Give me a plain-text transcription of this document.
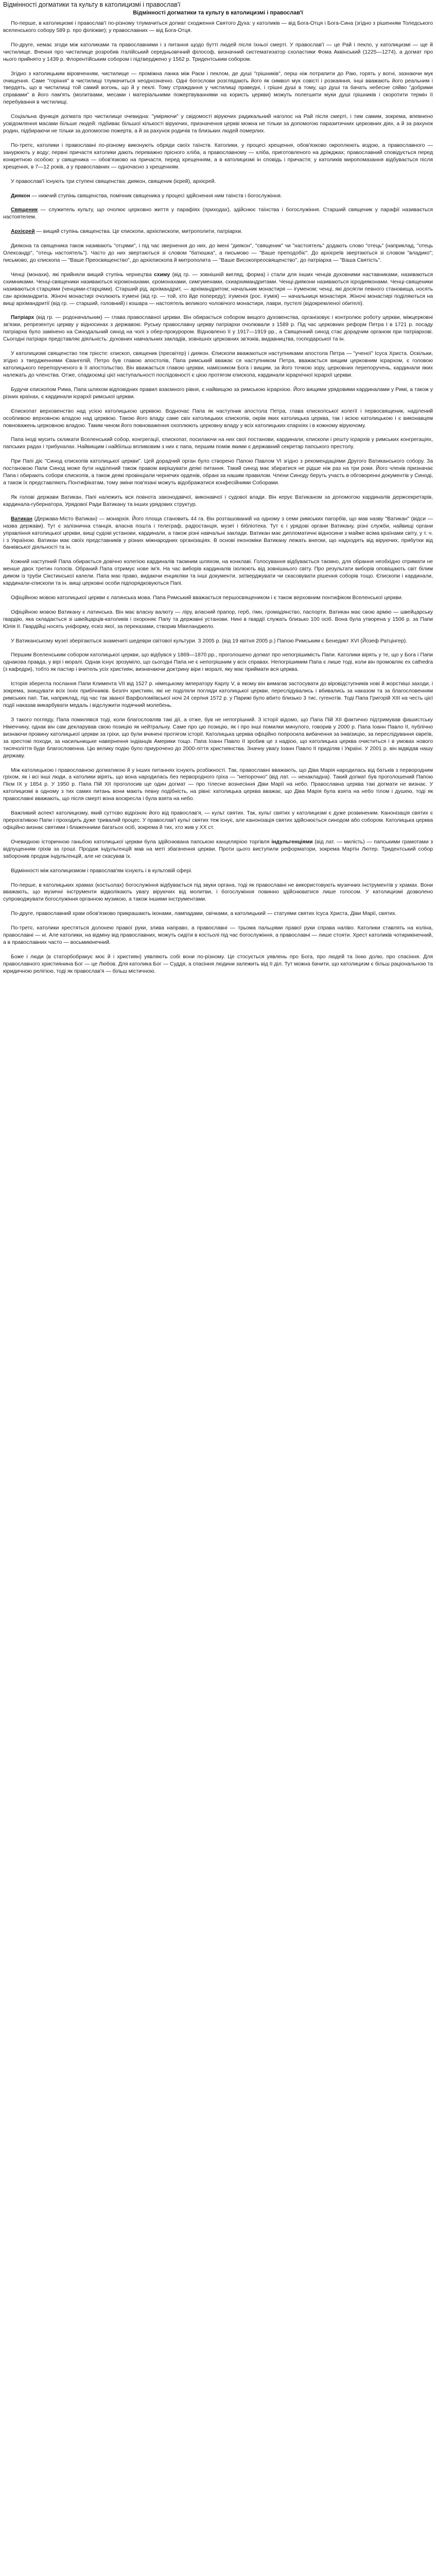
Відмінності догматики та культу в католицизмі і православ'ї
Відмінності догматики та культу в католицизмі і православ'ї

По-перше, в католицизмі і православ'ї по-різному тлумачиться догмат сходження Святого Духа: у католиків — від Бога-Отця і Бога-Сина (згідно з рішенням Толедського вселенського собору 589 р. про філіокве); у православних — від Бога-Отця.

По-друге, немає згоди між католиками та православними і з питання щодо бутті людей після їхньої смерті. У православ'ї — це Рай і пекло, у католицизмі — ще й чистилище. Вчення про чистилище розробив італійський середньовічний філософ, визначний систематизатор схоластики Фома Аквінський (1225—1274), а догмат про нього прийнято у 1439 р. Флорентійським собором і підтверджено у 1562 р. Тридентським собором.

Згідно з католицьким віровченням, чистилище — проміжна ланка між Раєм і пеклом, де душі "грішників", перш ніж потрапити до Раю, горять у вогні, зазнаючи мук очищення. Саме "горіння" в чистилищі тлумачиться неоднозначно. Одні богослови розглядають його як символ мук совісті і розкаяння, інші вважають його реальним і твердять, що в чистилищі той самий вогонь, що й у пеклі. Тому страждання у чистилищі праведні, і грішні душі в тому, що душі та бачать небесне сяйво "добрими справами" в його пам'ять (молитвами, месами і матеріальними пожертвуваннями на користь церкви) можуть полегшити муки душі грішників і скоротити термін її перебування в чистилищі.

Соціальна функція догмата про чистилище очевидна: "уміряючи" у свідомості віруючих радикальний наголос на Рай після смерті, і тим самим, зокрема, впевнено усвідомлення масами більше людей: підбиває більшої кількості віруючих, призначення церкві можна не тільки за допомогою паразитичних церковних діях, а й за рахунок родин, підбираючи не тільки за допомогою пожертв, а й за рахунок родичів та близьких людей померлих.

По-третє, католики і православні по-різному виконують обряди своїх таїнств. Католики, у процесі хрещення, обов'язково окроплюють водою, а православного — занурюють у воду; первні причастя католики дають переважно прісного хліба, а православному — хліба, приготовленого на дріжджах; православний сповідується перед конкретною особою: у священика — обов'язково на причастя, перед хрещенням, а в католицизмі ін сповідь і причастя; у католиків миропомазання відбувається після хрещення, в 7—12 років, а у православних — одночасно з хрещенням.

У православ'ї існують три ступені священства: диякон, священик (ієрей), архієрей.

Диякон — нижчий ступінь священства, помічник священика у процесі здійснення ним таїнств і богослужіння.

Священик — служитель культу, що очолює церковно життя у парафіях (приходах), здійснює таїнства і богослужіння. Старший священик у парафії називається настоятелем.

Архієрей — вищий ступінь священства. Це єпископи, архієпископи, митрополити, патріархи.

Диякона та священика також називають "отцями", і під час звернення до них, до імені "диякон", "священик" чи "настоятель" додають слово "отець" (наприклад, "отець Олександр", "отець настоятель"). Часто до них звертаються зі словом "батюшка", а письмово — "Ваше преподобіє". До архієреїв звертаються зі словом "владико"; письмово, до єпископа — "Ваше Преосвященство", до архієпископа й митрополита — "Ваше Високопреосвященство", до патріарха — "Ваша Святість".

Ченці (монахи), які прийняли вищий ступінь чернецтва схиму (від гр. — зовнішній вигляд, форма) і стали для інших ченців духовними наставниками, називаються схимниками. Ченці-священики називаються ієромонахами, єромонахами, симгуменами, схиархимандритами. Ченці-диякони називаються ієродияконами. Ченці-священики називаються старцями (ченцями-старцями). Старший рід, архімандрит, — архімандритом; начальник монастиря — ігуменом; ченці, які досягли певного становища, носять сан архімандрита. Жіночі монастирі очолюють ігумені (від гр. — той, хто йде попереду); ігуменія (рос. ігумія) — начальниця монастиря. Жіночі монастирі поділяються на вищі архімандритії (від гр. — старший, головний) і кошара — настоятель великого чоловічого монастиря, лаври, пустелі (відокремленої обителі).

Патріарх (від гр. — родоначальник) — глава православної церкви. Він обирається собором вищого духовенства, організовує і контролює роботу церкви, міжцерковні зв'язки, репрезентує церкву у відносинах з державою. Руську православну церкву патріархи очолювали з 1589 р. Під час церковних реформ Петра І в 1721 р. посаду патріарха було замінено на Синодальний синод на чолі з обер-прокурором. Відновлено її у 1917—1919 рр., а Священний синод стає дорадчим органом при патріархові. Сьогодні патріарх представляє діяльність: духовних навчальних закладів, зовнішніх церковних зв'язків, видавництва, господарської та ін.

У католицизмі священство теж трієсте: єпископ, священик (пресвітер) і диякон. Єпископи вважаються наступниками апостола Петра — "ученої" Ісуса Христа. Оскільки, згідно з твердженнями Євангелій, Петро був главою апостолів, Папа римський вважає ся наступником Петра, вважається вищим церковним ієрархом, є головою католицького перепорученого в її апостольство. Він вважається главою церкви, намісником Бога і вищим, за його точкою зору, церковних перепоручень, кардинали яких належать до членства. Отже, спадкоємці цієї наступальності послідовності є цією протягом єпископа, кардинали ієрархічної ієрархії церкви.

Будучи єпископом Рима, Папа шляхом відповідних правил взаємного рівня, є найвищою за римською ієрархією. Його вищими урядовими кардиналами у Римі, а також у різних країнах, є кардинали ієрархії римської церкви.

Єпископат верховенство над усією католицькою церквою. Водночас Папа як наступник апостола Петра, глава єпископської колегії і первосвященик, наділений особливою верховною владою над церквою. Такою його владу саме свіх католицьких єпископів, окрім яких католицька церква, так і всією католицькою і є виконавцем повноважень церковною владою. Таким чином його повноваження охоплюють церковну владу у всіх католицьких єпархіях і в кожному віруючому.

Папа іноді мусить скликати Вселенський собор, конгрегації, єпископат, посилаючи на них свої постанови, кардинали, єпископи і решту ієрархів у римських конгрегаціях, папських радах і трибуналах. Найвищим і найбільш впливовим з них є папа, першим поміж якими є державний секретар папського престолу.

При Папі діє "Синод єпископів католицької церкви". Цей дорадчий орган було створено Папою Павлом VI згідно з рекомендаціями Другого Ватиканського собору. За постановою Папи Синод може бути наділений також правом вирішувати деякі питання. Такий синод має збиратися не рідше ніж раз на три роки. Його членів призначає Папа і обирають собори єпископів, а також деякі провінціали чернечих орденів, обрані за нашим правилом. Члени Синоду беруть участь в обговоренні документів у Синоді, а також їх представляють Понтифікатам, тому зміни пов'язані можуть відображатися конфесійними Соборами.

Як голові держави Ватикан, Папі належить вся повнота законодавчої, виконавчої і судової влади. Він керує Ватиканом за допомогою кардиналів держсекретарів, кардинала-губернатора, Урядової Ради Ватикану та інших урядових структур.

Ватикан (Держава-Місто Ватикан) — монархія. Його площа становить 44 га. Він розташований на одному з семи римських пагорбів, що мав назву "Ватикан" (відси — назва держави). Тут є залізнична станція, власна пошта і телеграф, радіостанція, музеї і бібліотека. Тут є і урядові органи Ватикану, різні служби, найвищі органи управління католицької церкви, вищі судові установи, кардинали, а також різні навчальні заклади. Ватикан має дипломатичні відносини з майже всіма країнами світу, у т. ч. і з Україною. Ватикан має своїх представників у різних міжнародних організаціях. В основі економіки Ватикану лежать внески, що надходять від віруючих, прибутки від банківської діяльності та ін.

Кожний наступний Папа обирається довічно колегією кардиналів таємним шляхом, на конклаві. Голосування відбувається таємно, для обрання необхідно отримати не менше двох третин голосів. Обраний Папа отримує нове ім'я. На час виборів кардиналів ізолюють від зовнішнього світу. Про результати виборів оповіщають світ білим димом із труби Сікстинської капели. Папа має право, видаючи енцикліки та інші документи, затверджувати чи скасовувати рішення соборів тощо. Єпископи і кардинали, кардинали-єпископи та ін. вищі церковні особи підпорядковуються Папі.

Офіційною мовою католицької церкви є латинська мова. Папа Римський вважається першосвящеником і є також верховним понтифіком Вселенської церкви.

Офіційною мовою Ватикану є латинська. Він має власну валюту — ліру, власний прапор, герб, гімн, громадянство, паспорти. Ватикан має свою армію — швейцарську гвардію, яка складається зі швейцарців-католиків і охороняє Папу та державні установи. Нині в гвардії служать близько 100 осіб. Вона була утворена у 1506 р. за Папи Юлія II. Гвардійці носять уніформу, ескіз якої, за переказами, створив Мікеланджело.

У Ватиканському музеї зберігаються знамениті шедеври світової культури. З 2005 р. (від 19 квітня 2005 р.) Папою Римським є Бенедикт XVI (Йозеф Ратцінгер).

Першим Вселенським собором католицької церкви, що відбувся у 1869—1870 рр., проголошено догмат про непогрішимість Папи. Католики вірять у те, що у Бога і Папи однакова правда, у вірі і моралі. Однак існує зрозуміло, що сьогодні Папа не є непогрішним у всіх справах. Непогрішимим Папа є лише тоді, коли він промовляє ex cathedra (з кафедри), тобто як пастир і вчитель усіх християн, визначаючи доктрину віри і моралі, яку має приймати вся церква.

Історія зберегла послання Папи Климента VII від 1527 р. німецькому імператору Карлу V, в якому він вимагав застосувати до віровідступників нові й жорсткіші заходи, і зокрема, знищувати всіх їхніх прибічників. Безліч християн, які не поділяли погляди католицької церкви, переслідувались і вбивались за наказом та за благословенням римських пап. Так, наприклад, під час так званої Варфоломіївської ночі 24 серпня 1572 р. у Парижі було вбито близько 3 тис. гугенотів. Тоді Папа Григорій XIII на честь цієї події наказав викарбувати медаль і відслужити подячний молебень.

З такого погляду, Папа помилявся тоді, коли благословляв такі дії, а отже, був не непогрішний. З історії відомо, що Папа Пій XII фактично підтримував фашистську Німеччину, однак він сам декларував свою позицію як нейтральну. Саме про цю позицію, як і про інші помилки минулого, говорив у 2000 р. Папа Іоанн Павло II, публічно визнаючи провину католицької церкви за гріхи, що були вчинені протягом історії. Католицька церква офіційно попросила вибачення за інквізицію, за переслідування євреїв, за хрестові походи, за насильницьке навернення індіанців Америки тощо. Папа Іоанн Павло II зробив це з надією, що католицька церква очиститься і в умовах нового тисячоліття буде благословенна. Цю велику подію було приурочено до 2000-ліття християнства. Значну увагу Іоанн Павло II приділяв і Україні. У 2001 р. він відвідав нашу державу.

Між католицькою і православною догматикою й у інших питаннях існують розбіжності. Так, православні вважають, що Діва Марія народилась від батьків з первородним гріхом, як і всі інші люди, а католики вірять, що вона народилась без первородного гріха — "непорочно" (від лат. — ненакладна). Такий догмат був проголошений Папою Пієм IX у 1854 р. У 1950 р. Папа Пій XII проголосив ще один догмат — про тілесне вознесіння Діви Марії на небо. Православна церква такі догмати не визнає. У католицизмі в одному з тих самих питань вони мають певну подібність, на рівні: католицька церква вважає, що Діва Марія була взята на небо тілом і душею, тоді як православні вважають, що після смерті вона воскресла і була взята на небо.

Важливий аспект католицизму, який суттєво відрізняє його від православ'я, — культ святих. Так, культ святих у католицизмі є дуже розвиненим. Канонізація святих є прерогативою Папи і проходить дуже тривалий процес. У православ'ї культ святих теж існує, але канонізація святих здійснюється синодом або собором. Католицька церква офіційно визнає святими і блаженними багатьох осіб, зокрема й тих, хто жив у ХХ ст.

Очевидною історичною ганьбою католицької церкви була здійснювана папською канцелярією торгівля індульгенціями (від лат. — милість) — папськими грамотами з відпущенням гріхів за гроші. Продаж індульгенцій мав на меті збагачення церкви. Проти цього виступили реформатори, зокрема Мартін Лютер. Тридентський собор заборонив продаж індульгенцій, але не скасував їх.

Відмінності між католицизмом і православ'ям існують і в культовій сфері.

По-перше, в католицьких храмах (костьолах) богослужіння відбувається під звуки органа, тоді як православні не використовують музичних інструментів у храмах. Вони вважають, що музичні інструменти відволікають увагу віруючих від молитви, і богослужіння повинно здійснюватися лише голосом. У католицизмі дозволено супроводжувати богослужіння органною музикою, а також іншими інструментами.

По-друге, православний храм обов'язково прикрашають іконами, лампадами, свічками, а католицький — статуями святих Ісуса Христа, Діви Марії, святих.

По-третє, католики хрестяться долонею правої руки, злива направо, а православні — трьома пальцями правої руки справа наліво. Католики ставлять на коліна, православні — ні. Але католики, на відміну від православних, можуть сидіти в костьолі під час богослужіння, а православні — лише стояти. Хрест католиків чотирикінечний, а в православних часто — восьмикінечний.

Боже і люди (в статорбобракує моє й і християн) уявляють собі вони по-різному. Це стосується уявлень про Бога, про людей та їхню долю, про спасіння. Для православного християнина Бог — це Любов. Для католика Бог — Суддя, а спасіння людини залежить від її діл. Тут можна бачити, що католицизм є більш раціональною та юридичною релігією, тоді як православ'я — більш містичною.
